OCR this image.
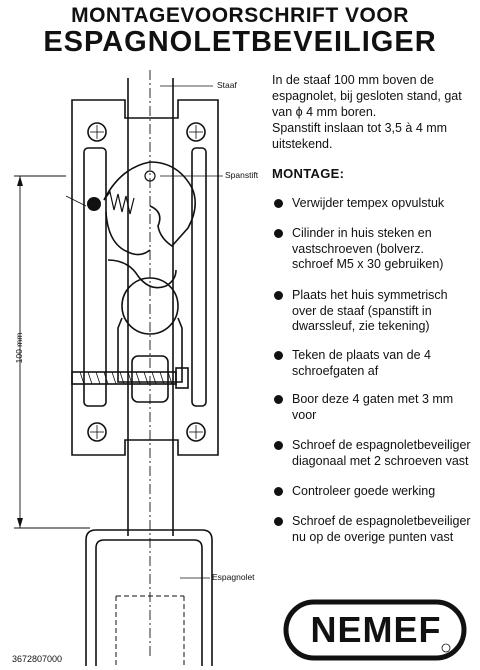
MONTAGEVOORSCHRIFT VOOR
ESPAGNOLETBEVEILIGER
Staaf
Spanstift
Espagnolet
100 mm
In de staaf 100 mm boven de
espagnolet, bij gesloten stand, gat
van ϕ 4 mm boren.
Spanstift inslaan tot 3,5 à 4 mm
uitstekend.
MONTAGE:
Verwijder tempex opvulstuk
Cilinder in huis steken en
vastschroeven (bolverz.
schroef M5 x 30 gebruiken)
Plaats het huis symmetrisch
over de staaf (spanstift in
dwarssleuf, zie tekening)
Teken de plaats van de 4
schroefgaten af
Boor deze 4 gaten met 3 mm
voor
Schroef de espagnoletbeveiliger
diagonaal met 2 schroeven vast
Controleer goede werking
Schroef de espagnoletbeveiliger
nu op de overige punten vast
3672807000
NEMEF
